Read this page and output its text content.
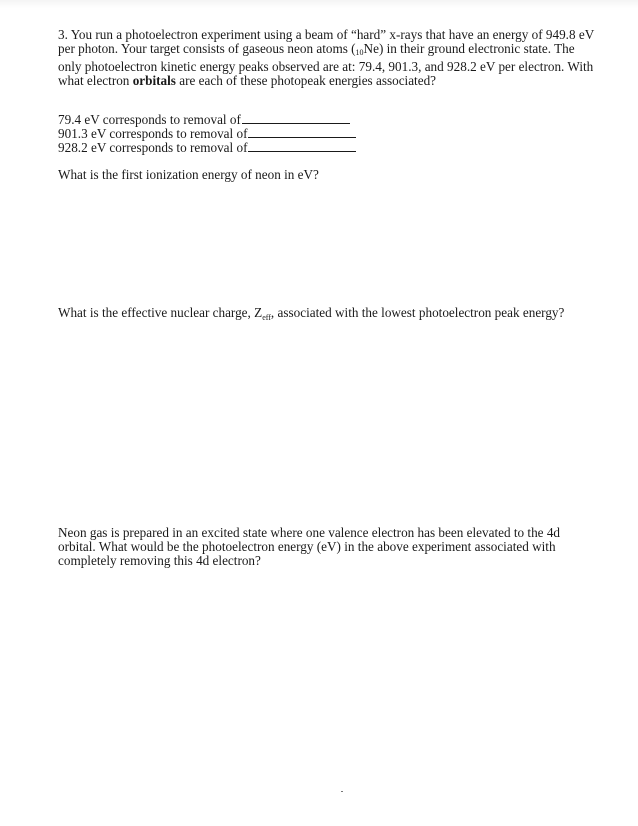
3. You run a photoelectron experiment using a beam of “hard” x-rays that have an energy of 949.8 eV per photon. Your target consists of gaseous neon atoms $(_{10}Ne)$ in their ground electronic state. The only photoelectron kinetic energy peaks observed are at: 79.4, 901.3, and 928.2 eV per electron. With what electron orbitals are each of these photopeak energies associated?

79.4 eV corresponds to removal of
901.3 eV corresponds to removal of
928.2 eV corresponds to removal of

What is the first ionization energy of neon in eV?

What is the effective nuclear charge, $Z_{eff}$, associated with the lowest photoelectron peak energy?

Neon gas is prepared in an excited state where one valence electron has been elevated to the 4d orbital. What would be the photoelectron energy (eV) in the above experiment associated with completely removing this 4d electron?
